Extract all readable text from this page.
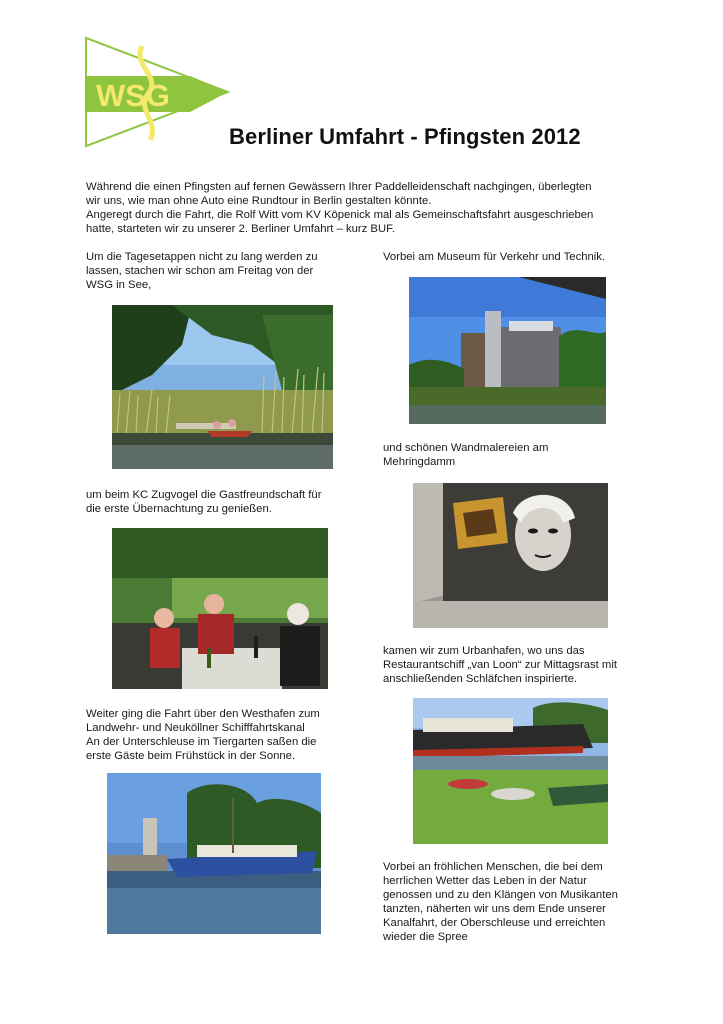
WSG
Berliner Umfahrt - Pfingsten 2012
Während die einen Pfingsten auf fernen Gewässern Ihrer Paddelleidenschaft nachgingen, überlegten
wir uns, wie man ohne Auto eine Rundtour in Berlin gestalten könnte.
Angeregt durch die Fahrt, die Rolf Witt vom KV Köpenick mal als Gemeinschaftsfahrt ausgeschrieben
hatte, starteten wir zu unserer 2. Berliner Umfahrt – kurz BUF.
Um die Tagesetappen nicht zu lang werden zu
lassen, stachen wir schon am Freitag von der
WSG in See,
um beim KC Zugvogel die Gastfreundschaft für
die erste Übernachtung zu genießen.
Weiter ging die Fahrt über den Westhafen zum
Landwehr- und Neuköllner Schifffahrtskanal
An der Unterschleuse im Tiergarten saßen die
erste Gäste beim Frühstück in der Sonne.
Vorbei am Museum für Verkehr und Technik.
und schönen Wandmalereien am
Mehringdamm
kamen wir zum Urbanhafen, wo uns das
Restaurantschiff „van Loon“ zur Mittagsrast mit
anschließenden Schläfchen inspirierte.
Vorbei an fröhlichen Menschen, die bei dem
herrlichen Wetter das Leben in der Natur
genossen und zu den Klängen von Musikanten
tanzten, näherten wir uns dem Ende unserer
Kanalfahrt, der Oberschleuse und erreichten
wieder die Spree
